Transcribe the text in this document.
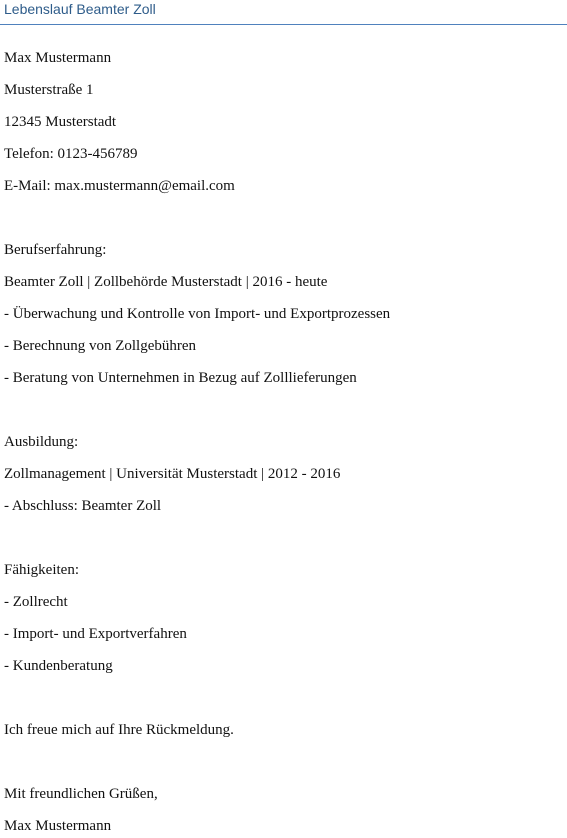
Lebenslauf Beamter Zoll
Max Mustermann
Musterstraße 1
12345 Musterstadt
Telefon: 0123-456789
E-Mail: max.mustermann@email.com
Berufserfahrung:
Beamter Zoll | Zollbehörde Musterstadt | 2016 - heute
- Überwachung und Kontrolle von Import- und Exportprozessen
- Berechnung von Zollgebühren
- Beratung von Unternehmen in Bezug auf Zolllieferungen
Ausbildung:
Zollmanagement | Universität Musterstadt | 2012 - 2016
- Abschluss: Beamter Zoll
Fähigkeiten:
- Zollrecht
- Import- und Exportverfahren
- Kundenberatung
Ich freue mich auf Ihre Rückmeldung.
Mit freundlichen Grüßen,
Max Mustermann
